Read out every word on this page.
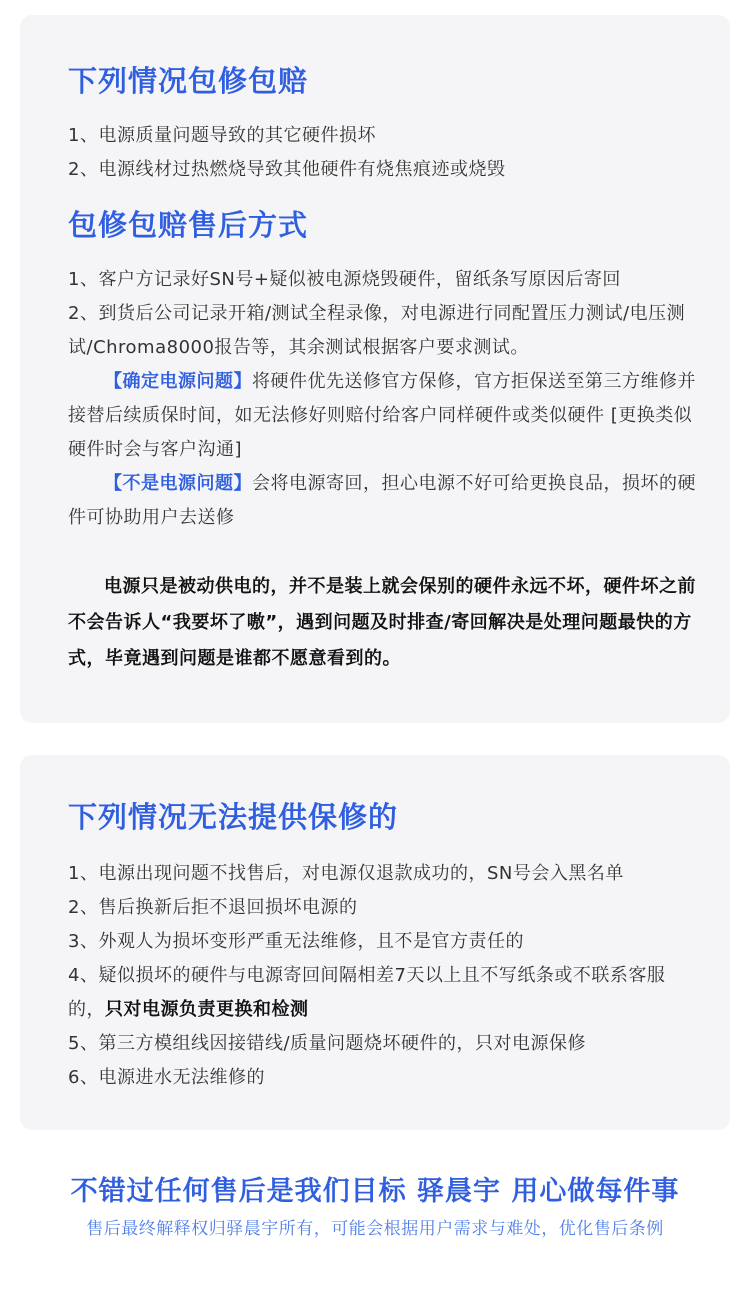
下列情况包修包赔
1、电源质量问题导致的其它硬件损坏
2、电源线材过热燃烧导致其他硬件有烧焦痕迹或烧毁
包修包赔售后方式
1、客户方记录好SN号+疑似被电源烧毁硬件，留纸条写原因后寄回
2、到货后公司记录开箱/测试全程录像，对电源进行同配置压力测试/电压测试/Chroma8000报告等，其余测试根据客户要求测试。
【确定电源问题】将硬件优先送修官方保修，官方拒保送至第三方维修并接替后续质保时间，如无法修好则赔付给客户同样硬件或类似硬件 [更换类似硬件时会与客户沟通]
【不是电源问题】会将电源寄回，担心电源不好可给更换良品，损坏的硬件可协助用户去送修
电源只是被动供电的，并不是装上就会保别的硬件永远不坏，硬件坏之前不会告诉人“我要坏了嗷”，遇到问题及时排查/寄回解决是处理问题最快的方式，毕竟遇到问题是谁都不愿意看到的。
下列情况无法提供保修的
1、电源出现问题不找售后，对电源仅退款成功的，SN号会入黑名单
2、售后换新后拒不退回损坏电源的
3、外观人为损坏变形严重无法维修，且不是官方责任的
4、疑似损坏的硬件与电源寄回间隔相差7天以上且不写纸条或不联系客服的，只对电源负责更换和检测
5、第三方模组线因接错线/质量问题烧坏硬件的，只对电源保修
6、电源进水无法维修的
不错过任何售后是我们目标 驿晨宇 用心做每件事
售后最终解释权归驿晨宇所有，可能会根据用户需求与难处，优化售后条例
